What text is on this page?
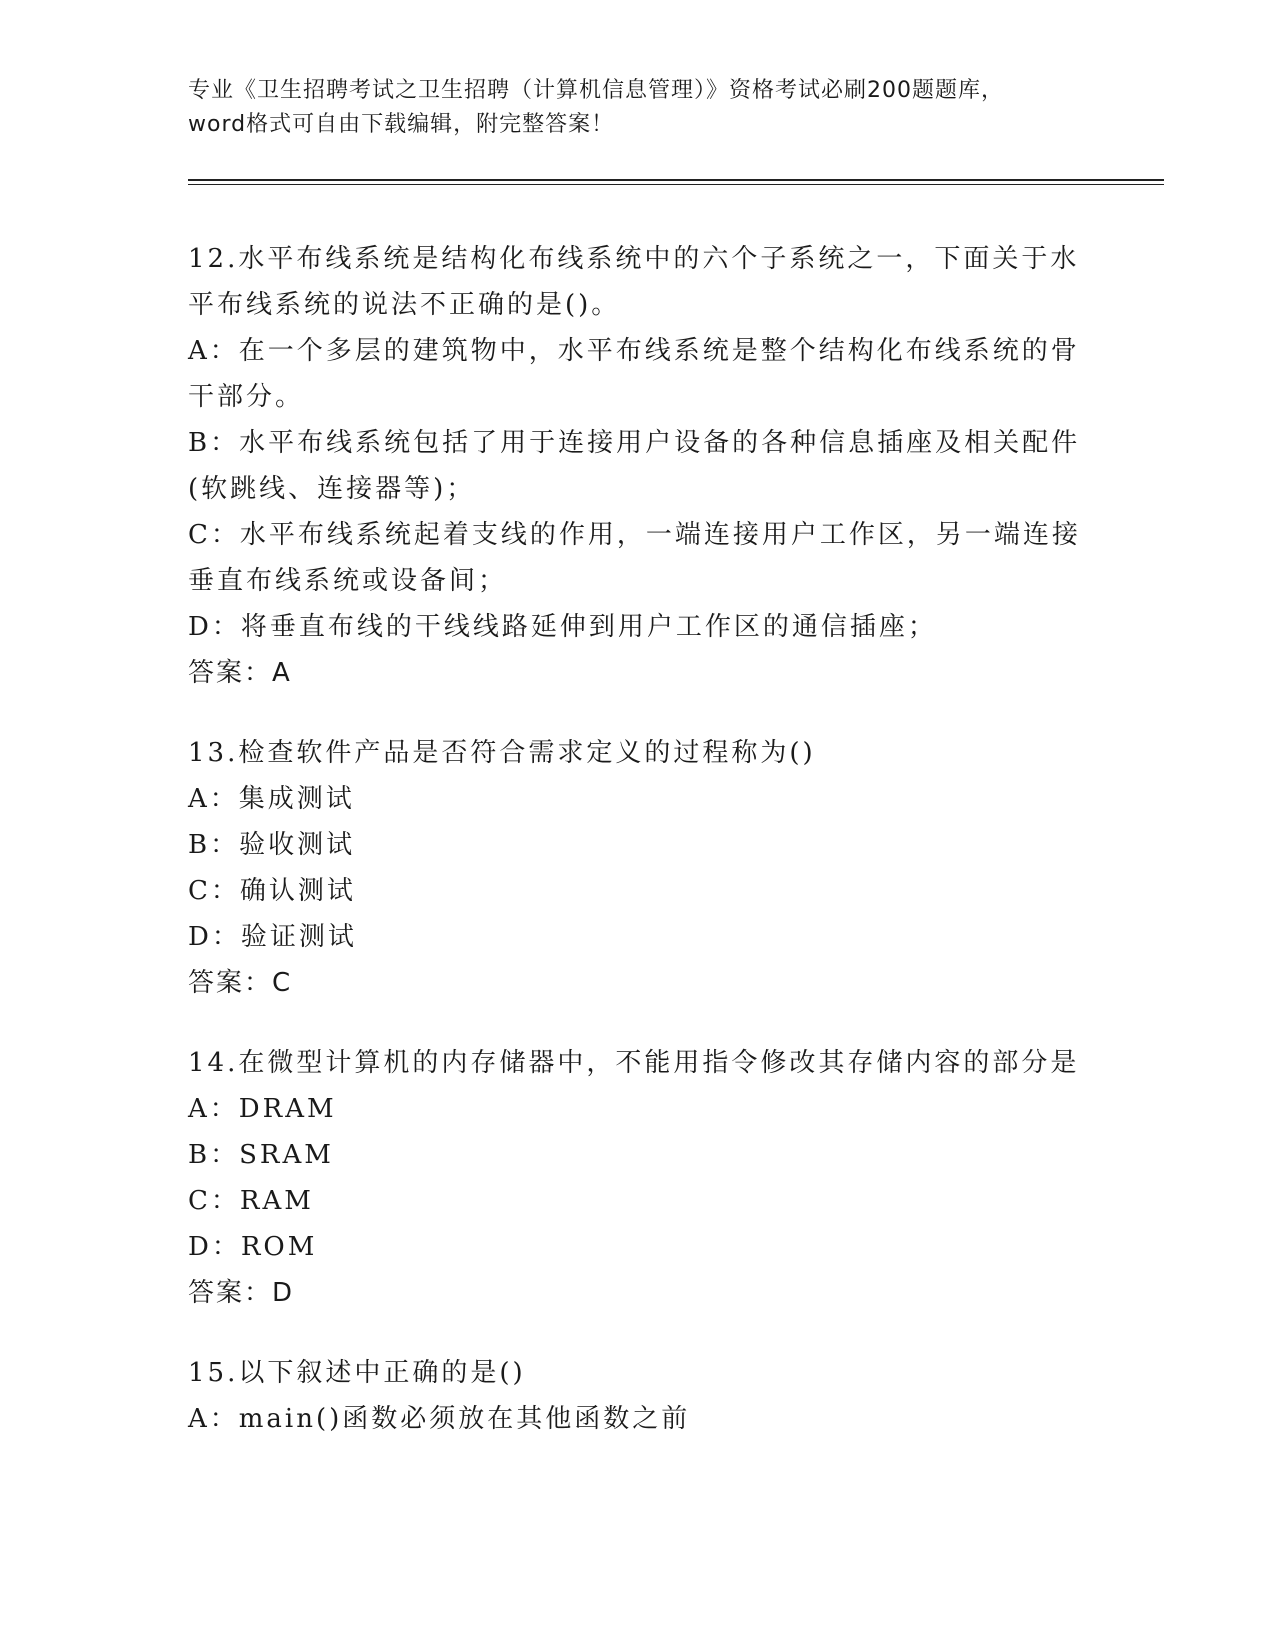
专业《卫生招聘考试之卫生招聘（计算机信息管理）》资格考试必刷200题题库，

word格式可自由下载编辑，附完整答案！

12.水平布线系统是结构化布线系统中的六个子系统之一，下面关于水

平布线系统的说法不正确的是()。

A：在一个多层的建筑物中，水平布线系统是整个结构化布线系统的骨

干部分。

B：水平布线系统包括了用于连接用户设备的各种信息插座及相关配件

(软跳线、连接器等)；

C：水平布线系统起着支线的作用，一端连接用户工作区，另一端连接

垂直布线系统或设备间；

D：将垂直布线的干线线路延伸到用户工作区的通信插座；

答案：A

13.检查软件产品是否符合需求定义的过程称为()

A：集成测试

B：验收测试

C：确认测试

D：验证测试

答案：C

14.在微型计算机的内存储器中，不能用指令修改其存储内容的部分是

A：DRAM

B：SRAM

C：RAM

D：ROM

答案：D

15.以下叙述中正确的是()

A：main()函数必须放在其他函数之前
